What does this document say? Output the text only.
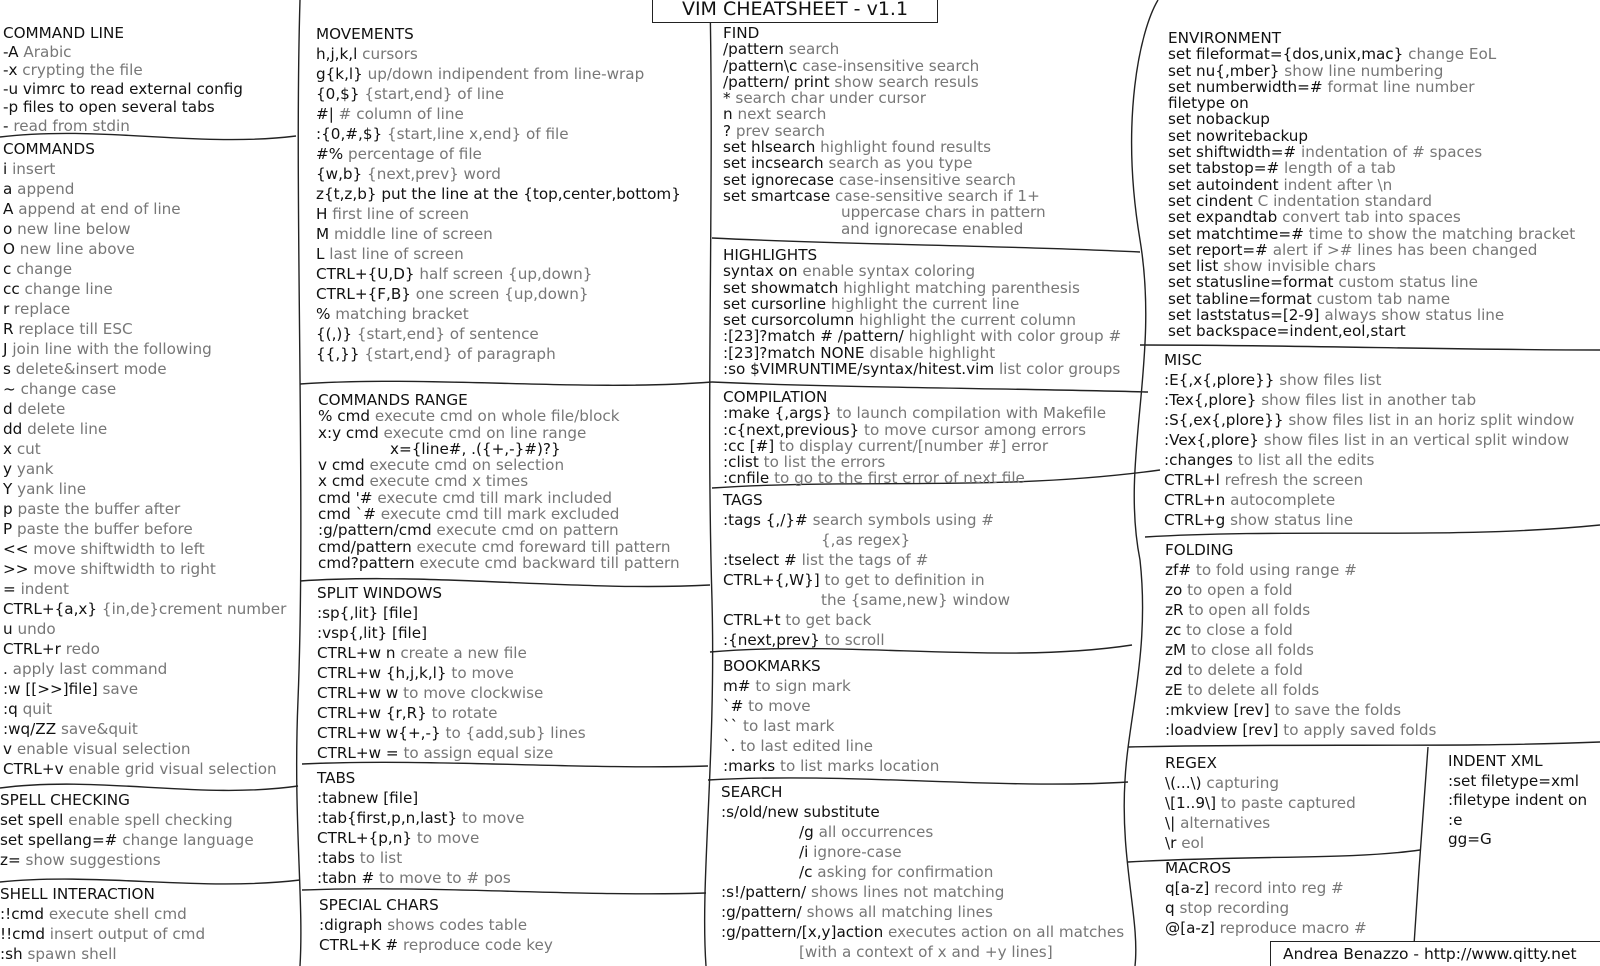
VIM CHEATSHEET - v1.1
COMMAND LINE
-A Arabic
-x crypting the file
-u vimrc to read external config
-p files to open several tabs
- read from stdin
COMMANDS
i insert
a append
A append at end of line
o new line below
O new line above
c change
cc change line
r replace
R replace till ESC
J join line with the following
s delete&insert mode
~ change case
d delete
dd delete line
x cut
y yank
Y yank line
p paste the buffer after
P paste the buffer before
<< move shiftwidth to left
>> move shiftwidth to right
= indent
CTRL+{a,x} {in,de}crement number
u undo
CTRL+r redo
. apply last command
:w [[>>]file] save
:q quit
:wq/ZZ save&quit
v enable visual selection
CTRL+v enable grid visual selection
SPELL CHECKING
set spell enable spell checking
set spellang=# change language
z= show suggestions
SHELL INTERACTION
:!cmd execute shell cmd
!!cmd insert output of cmd
:sh spawn shell
MOVEMENTS
h,j,k,l cursors
g{k,l} up/down indipendent from line-wrap
{0,$} {start,end} of line
#| # column of line
:{0,#,$} {start,line x,end} of file
#% percentage of file
{w,b} {next,prev} word
z{t,z,b} put the line at the {top,center,bottom}
H first line of screen
M middle line of screen
L last line of screen
CTRL+{U,D} half screen {up,down}
CTRL+{F,B} one screen {up,down}
% matching bracket
{(,)} {start,end} of sentence
{{,}} {start,end} of paragraph
COMMANDS RANGE
% cmd execute cmd on whole file/block
x:y cmd execute cmd on line range
x={line#, .({+,-}#)?}
v cmd execute cmd on selection
x cmd execute cmd x times
cmd '# execute cmd till mark included
cmd `# execute cmd till mark excluded
:g/pattern/cmd execute cmd on pattern
cmd/pattern execute cmd foreward till pattern
cmd?pattern execute cmd backward till pattern
SPLIT WINDOWS
:sp{,lit} [file]
:vsp{,lit} [file]
CTRL+w n create a new file
CTRL+w {h,j,k,l} to move
CTRL+w w to move clockwise
CTRL+w {r,R} to rotate
CTRL+w w{+,-} to {add,sub} lines
CTRL+w = to assign equal size
TABS
:tabnew [file]
:tab{first,p,n,last} to move
CTRL+{p,n} to move
:tabs to list
:tabn # to move to # pos
SPECIAL CHARS
:digraph shows codes table
CTRL+K # reproduce code key
FIND
/pattern search
/pattern\c case-insensitive search
/pattern/ print show search resuls
* search char under cursor
n next search
? prev search
set hlsearch highlight found results
set incsearch search as you type
set ignorecase case-insensitive search
set smartcase case-sensitive search if 1+
uppercase chars in pattern
and ignorecase enabled
HIGHLIGHTS
syntax on enable syntax coloring
set showmatch highlight matching parenthesis
set cursorline highlight the current line
set cursorcolumn highlight the current column
:[23]?match # /pattern/ highlight with color group #
:[23]?match NONE disable highlight
:so $VIMRUNTIME/syntax/hitest.vim list color groups
COMPILATION
:make {,args} to launch compilation with Makefile
:c{next,previous} to move cursor among errors
:cc [#] to display current/[number #] error
:clist to list the errors
:cnfile to go to the first error of next file
TAGS
:tags {,/}# search symbols using #
{,as regex}
:tselect # list the tags of #
CTRL+{,W}] to get to definition in
the {same,new} window
CTRL+t to get back
:{next,prev} to scroll
BOOKMARKS
m# to sign mark
`# to move
`` to last mark
`. to last edited line
:marks to list marks location
SEARCH
:s/old/new substitute
/g all occurrences
/i ignore-case
/c asking for confirmation
:s!/pattern/ shows lines not matching
:g/pattern/ shows all matching lines
:g/pattern/[x,y]action executes action on all matches
[with a context of x and +y lines]
ENVIRONMENT
set fileformat={dos,unix,mac} change EoL
set nu{,mber} show line numbering
set numberwidth=# format line number
filetype on
set nobackup
set nowritebackup
set shiftwidth=# indentation of # spaces
set tabstop=# length of a tab
set autoindent indent after \n
set cindent C indentation standard
set expandtab convert tab into spaces
set matchtime=# time to show the matching bracket
set report=# alert if ># lines has been changed
set list show invisible chars
set statusline=format custom status line
set tabline=format custom tab name
set laststatus=[2-9] always show status line
set backspace=indent,eol,start
MISC
:E{,x{,plore}} show files list
:Tex{,plore} show files list in another tab
:S{,ex{,plore}} show files list in an horiz split window
:Vex{,plore} show files list in an vertical split window
:changes to list all the edits
CTRL+l refresh the screen
CTRL+n autocomplete
CTRL+g show status line
FOLDING
zf# to fold using range #
zo to open a fold
zR to open all folds
zc to close a fold
zM to close all folds
zd to delete a fold
zE to delete all folds
:mkview [rev] to save the folds
:loadview [rev] to apply saved folds
REGEX
\(...\) capturing
\[1..9\] to paste captured
\| alternatives
\r eol
MACROS
q[a-z] record into reg #
q stop recording
@[a-z] reproduce macro #
INDENT XML
:set filetype=xml
:filetype indent on
:e
gg=G
Andrea Benazzo - http://www.qitty.net
